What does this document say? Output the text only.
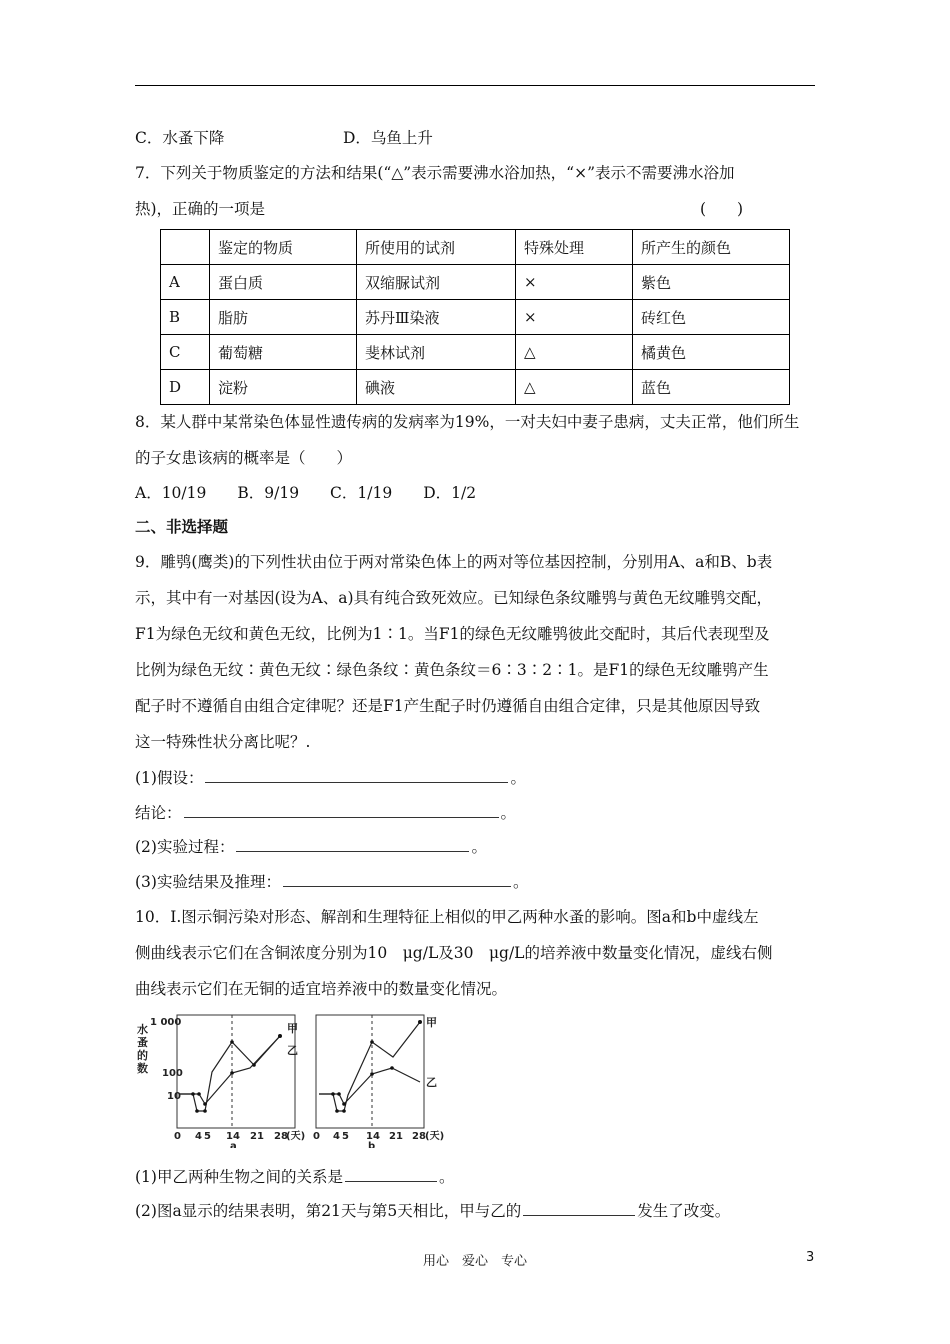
C．水蚤下降	D．乌鱼上升
7．下列关于物质鉴定的方法和结果(“△”表示需要沸水浴加热，“×”表示不需要沸水浴加
热)，正确的一项是	(　　)
	鉴定的物质	所使用的试剂	特殊处理	所产生的颜色
A	蛋白质	双缩脲试剂	×	紫色
B	脂肪	苏丹Ⅲ染液	×	砖红色
C	葡萄糖	斐林试剂	△	橘黄色
D	淀粉	碘液	△	蓝色
8．某人群中某常染色体显性遗传病的发病率为19%，一对夫妇中妻子患病，丈夫正常，他们所生
的子女患该病的概率是（　　）
A．10/19　　B．9/19　　C．1/19　　D．1/2
二、非选择题
9．雕鸮(鹰类)的下列性状由位于两对常染色体上的两对等位基因控制，分别用A、a和B、b表
示，其中有一对基因(设为A、a)具有纯合致死效应。已知绿色条纹雕鸮与黄色无纹雕鸮交配，
F1为绿色无纹和黄色无纹，比例为1∶1。当F1的绿色无纹雕鸮彼此交配时，其后代表现型及
比例为绿色无纹∶黄色无纹∶绿色条纹∶黄色条纹＝6∶3∶2∶1。是F1的绿色无纹雕鸮产生
配子时不遵循自由组合定律呢？还是F1产生配子时仍遵循自由组合定律，只是其他原因导致
这一特殊性状分离比呢？.
(1)假设：	。
结论：	。
(2)实验过程：	。
(3)实验结果及推理：	。
10．Ⅰ.图示铜污染对形态、解剖和生理特征上相似的甲乙两种水蚤的影响。图a和b中虚线左
侧曲线表示它们在含铜浓度分别为10　μg/L及30　μg/L的培养液中数量变化情况，虚线右侧
曲线表示它们在无铜的适宜培养液中的数量变化情况。
水
蚤
的
数
1 000
100
10
甲
乙
0 4 5 14 21 28
(天)
a
甲
乙
0 4 5 14 21 28 (天)
b
(1)甲乙两种生物之间的关系是	。
(2)图a显示的结果表明，第21天与第5天相比，甲与乙的	发生了改变。
用心　爱心　专心	3
